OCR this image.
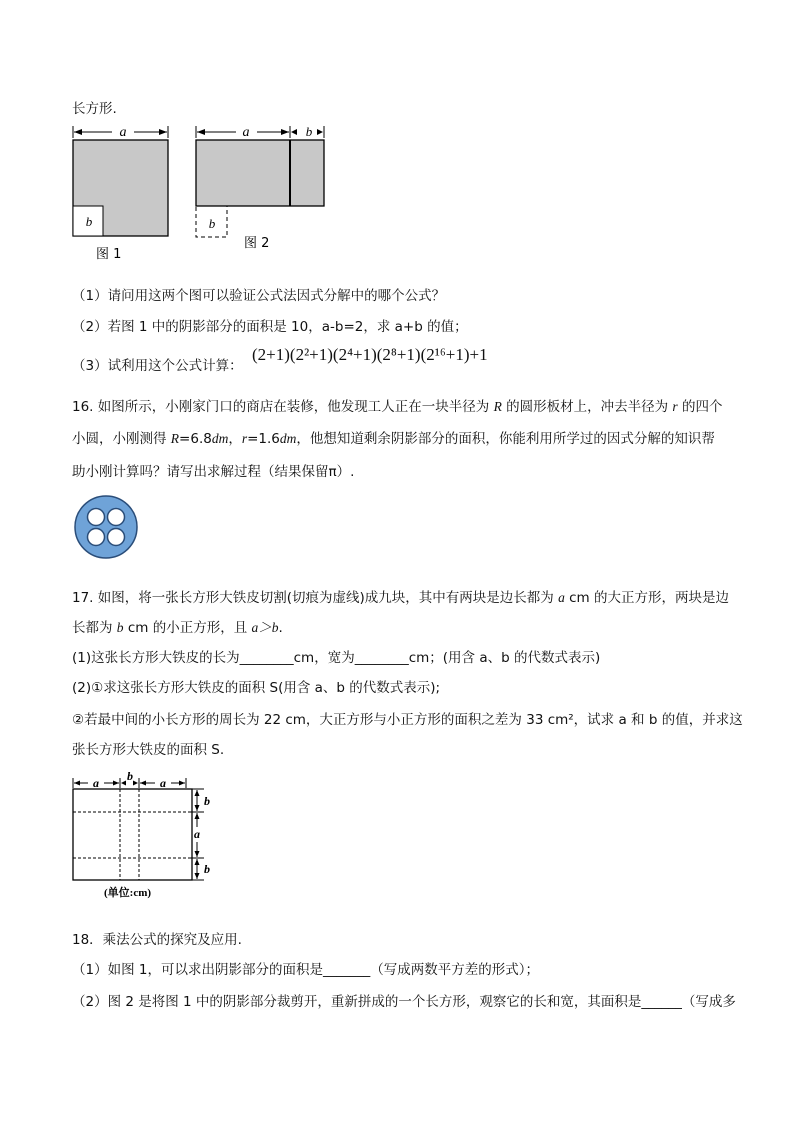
长方形.
a
b
图 1
a	b
b
图 2
（1）请问用这两个图可以验证公式法因式分解中的哪个公式？
（2）若图 1 中的阴影部分的面积是 10，a-b=2，求 a+b 的值；
（3）试利用这个公式计算：
(2+1)(2²+1)(2⁴+1)(2⁸+1)(2¹⁶+1)+1
16. 如图所示，小刚家门口的商店在装修，他发现工人正在一块半径为 R 的圆形板材上，冲去半径为 r 的四个
小圆，小刚测得 R=6.8dm，r=1.6dm，他想知道剩余阴影部分的面积，你能利用所学过的因式分解的知识帮
助小刚计算吗？请写出求解过程（结果保留π）.
17. 如图，将一张长方形大铁皮切割(切痕为虚线)成九块，其中有两块是边长都为 a cm 的大正方形，两块是边
长都为 b cm 的小正方形，且 a＞b.
(1)这张长方形大铁皮的长为________cm，宽为________cm；(用含 a、b 的代数式表示)
(2)①求这张长方形大铁皮的面积 S(用含 a、b 的代数式表示);
②若最中间的小长方形的周长为 22 cm，大正方形与小正方形的面积之差为 33 cm²，试求 a 和 b 的值，并求这
张长方形大铁皮的面积 S.
a b a
b
a
b
(单位:cm)
18．乘法公式的探究及应用.
（1）如图 1，可以求出阴影部分的面积是_______（写成两数平方差的形式）；
（2）图 2 是将图 1 中的阴影部分裁剪开，重新拼成的一个长方形，观察它的长和宽，其面积是______（写成多
